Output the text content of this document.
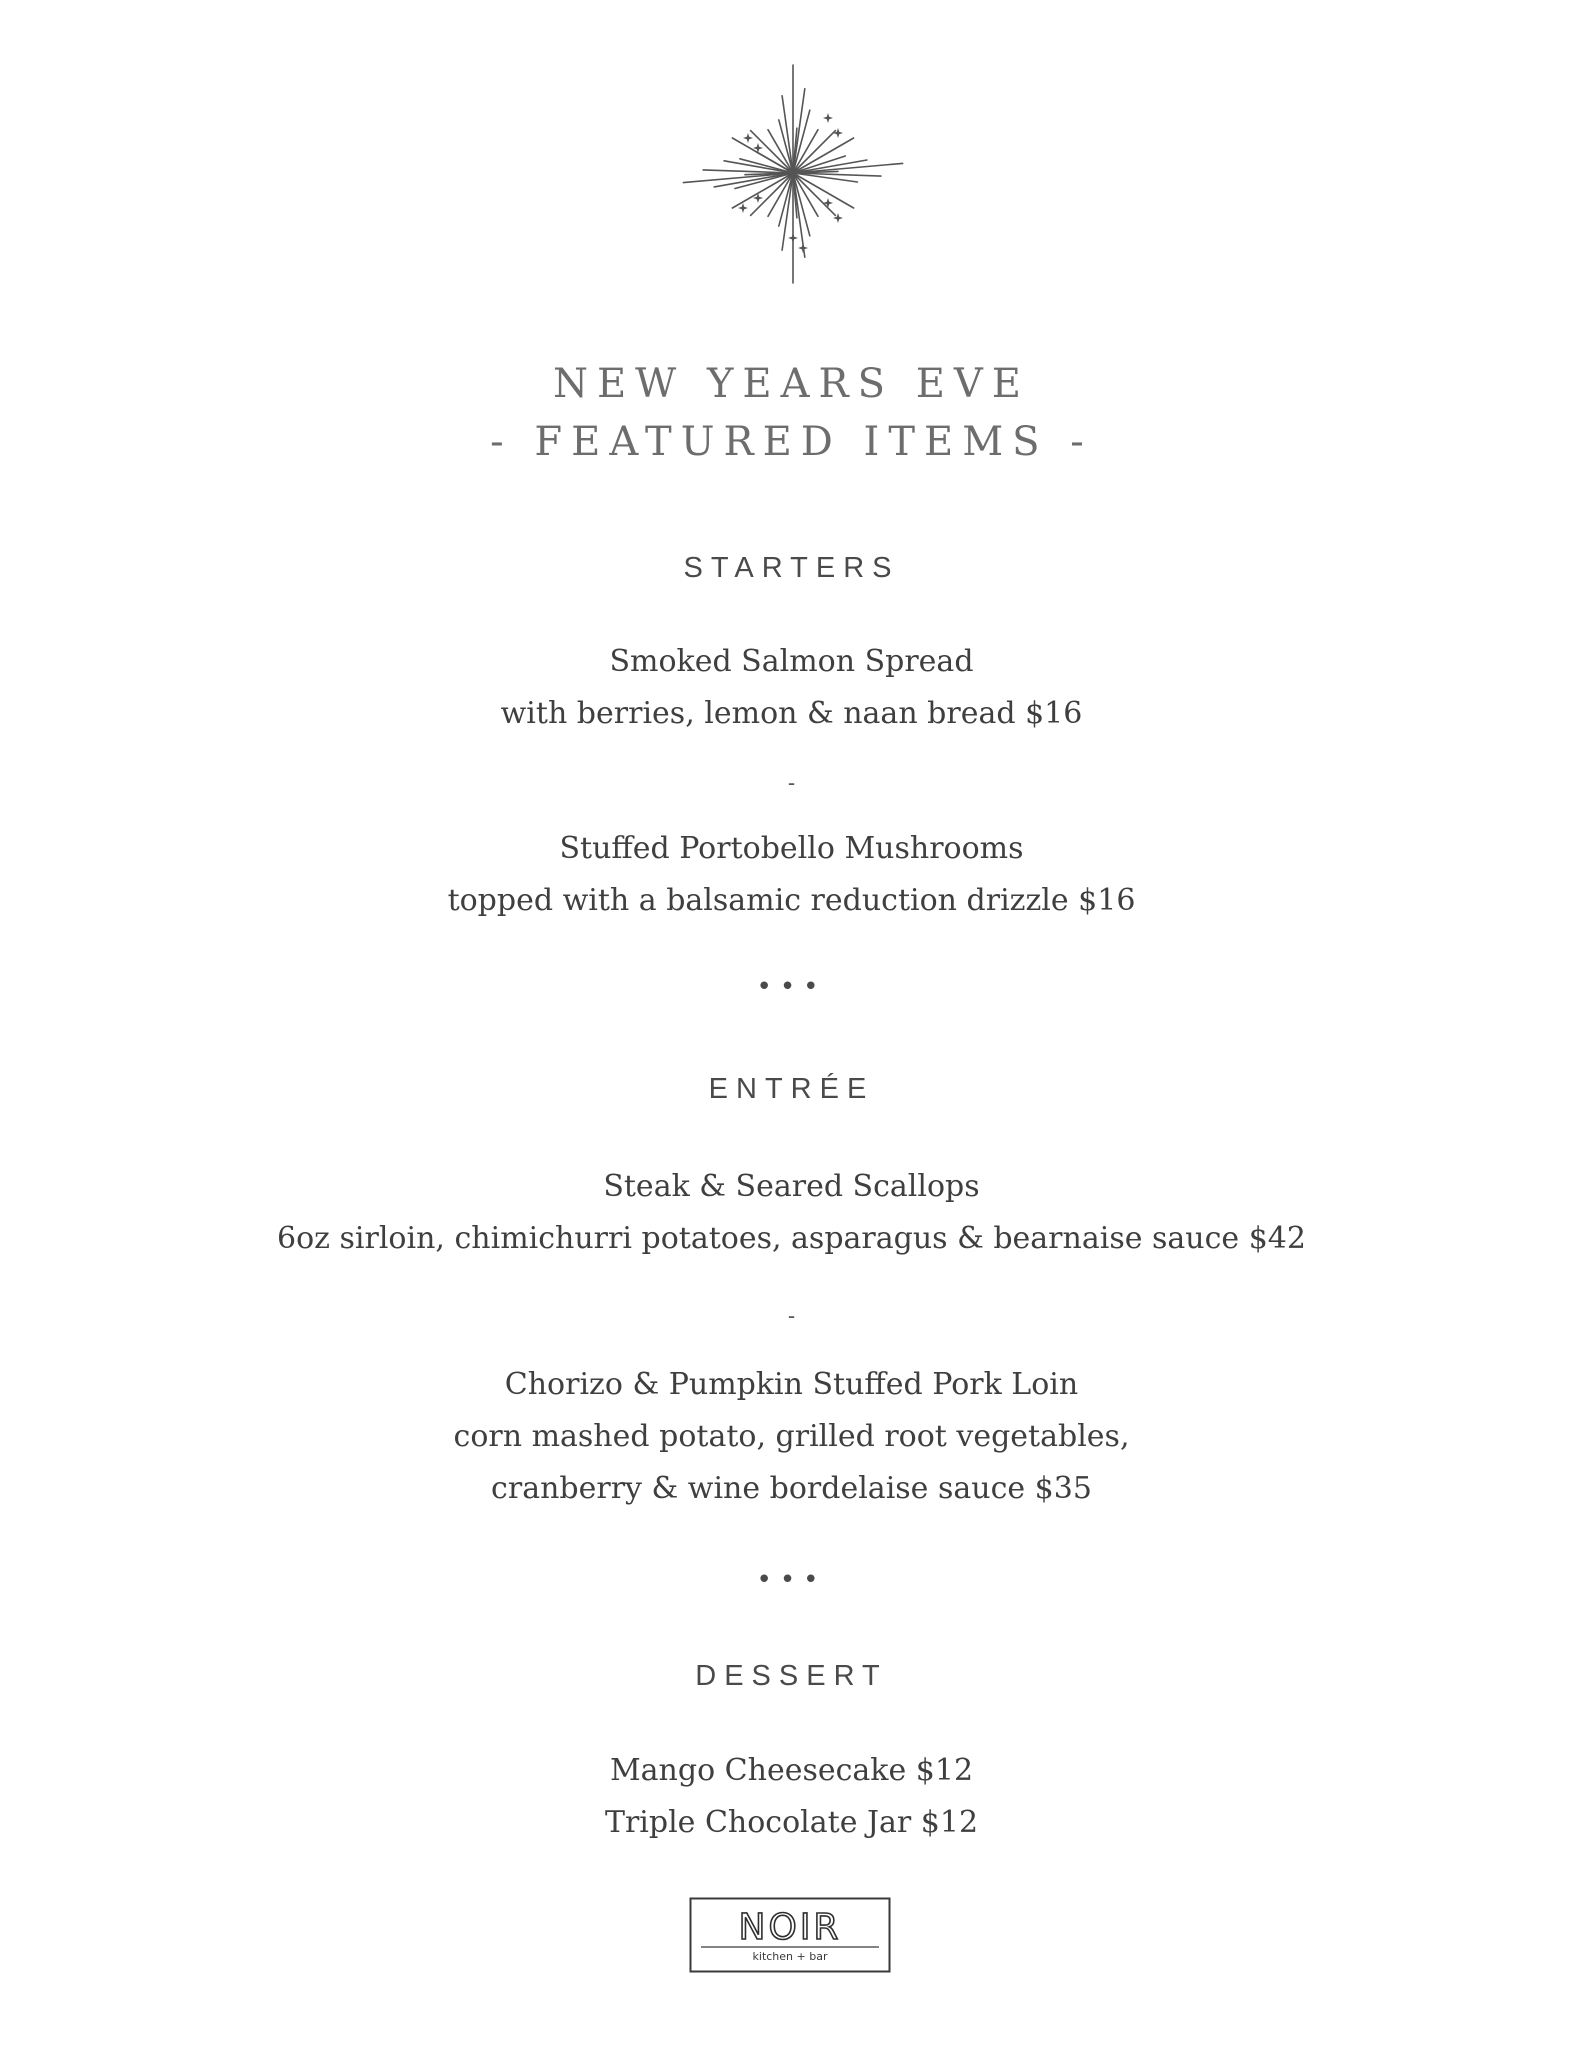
NEW YEARS EVE
- FEATURED ITEMS -
STARTERS
Smoked Salmon Spread
with berries, lemon & naan bread $16
-
Stuffed Portobello Mushrooms
topped with a balsamic reduction drizzle $16
•••
ENTRÉE
Steak & Seared Scallops
6oz sirloin, chimichurri potatoes, asparagus & bearnaise sauce $42
-
Chorizo & Pumpkin Stuffed Pork Loin
corn mashed potato, grilled root vegetables,
cranberry & wine bordelaise sauce $35
•••
DESSERT
Mango Cheesecake $12
Triple Chocolate Jar $12
NOIR
kitchen + bar
